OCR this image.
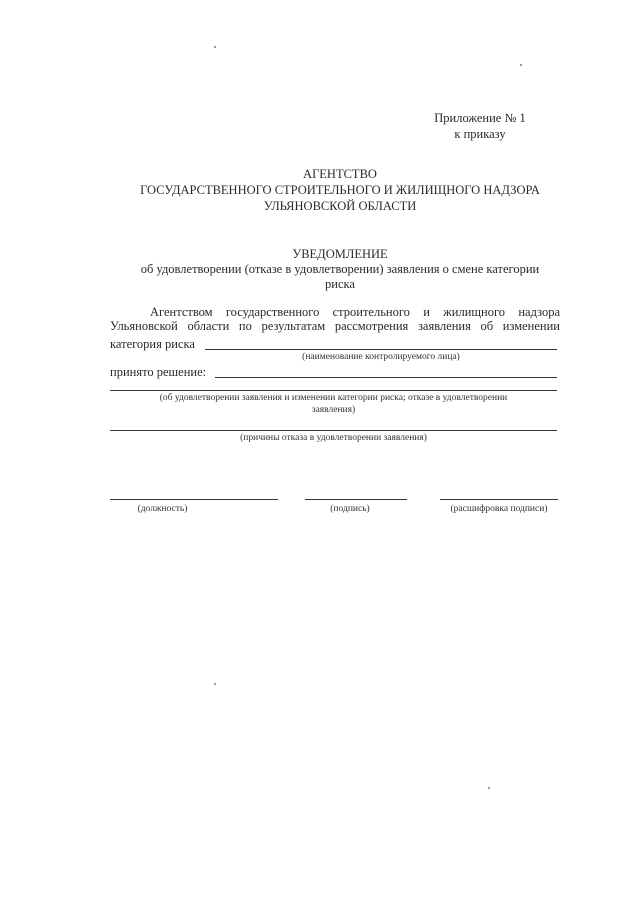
Приложение № 1
к приказу
АГЕНТСТВО
ГОСУДАРСТВЕННОГО СТРОИТЕЛЬНОГО И ЖИЛИЩНОГО НАДЗОРА
УЛЬЯНОВСКОЙ ОБЛАСТИ
УВЕДОМЛЕНИЕ
об удовлетворении (отказе в удовлетворении) заявления о смене категории
риска
Агентством государственного строительного и жилищного надзора Ульяновской области по результатам рассмотрения заявления об изменении
категория риска
(наименование контролируемого лица)
принято решение:
(об удовлетворении заявления и изменении категории риска; отказе в удовлетворении
заявления)
(причины отказа в удовлетворении заявления)
(должность)	(подпись)	(расшифровка подписи)
